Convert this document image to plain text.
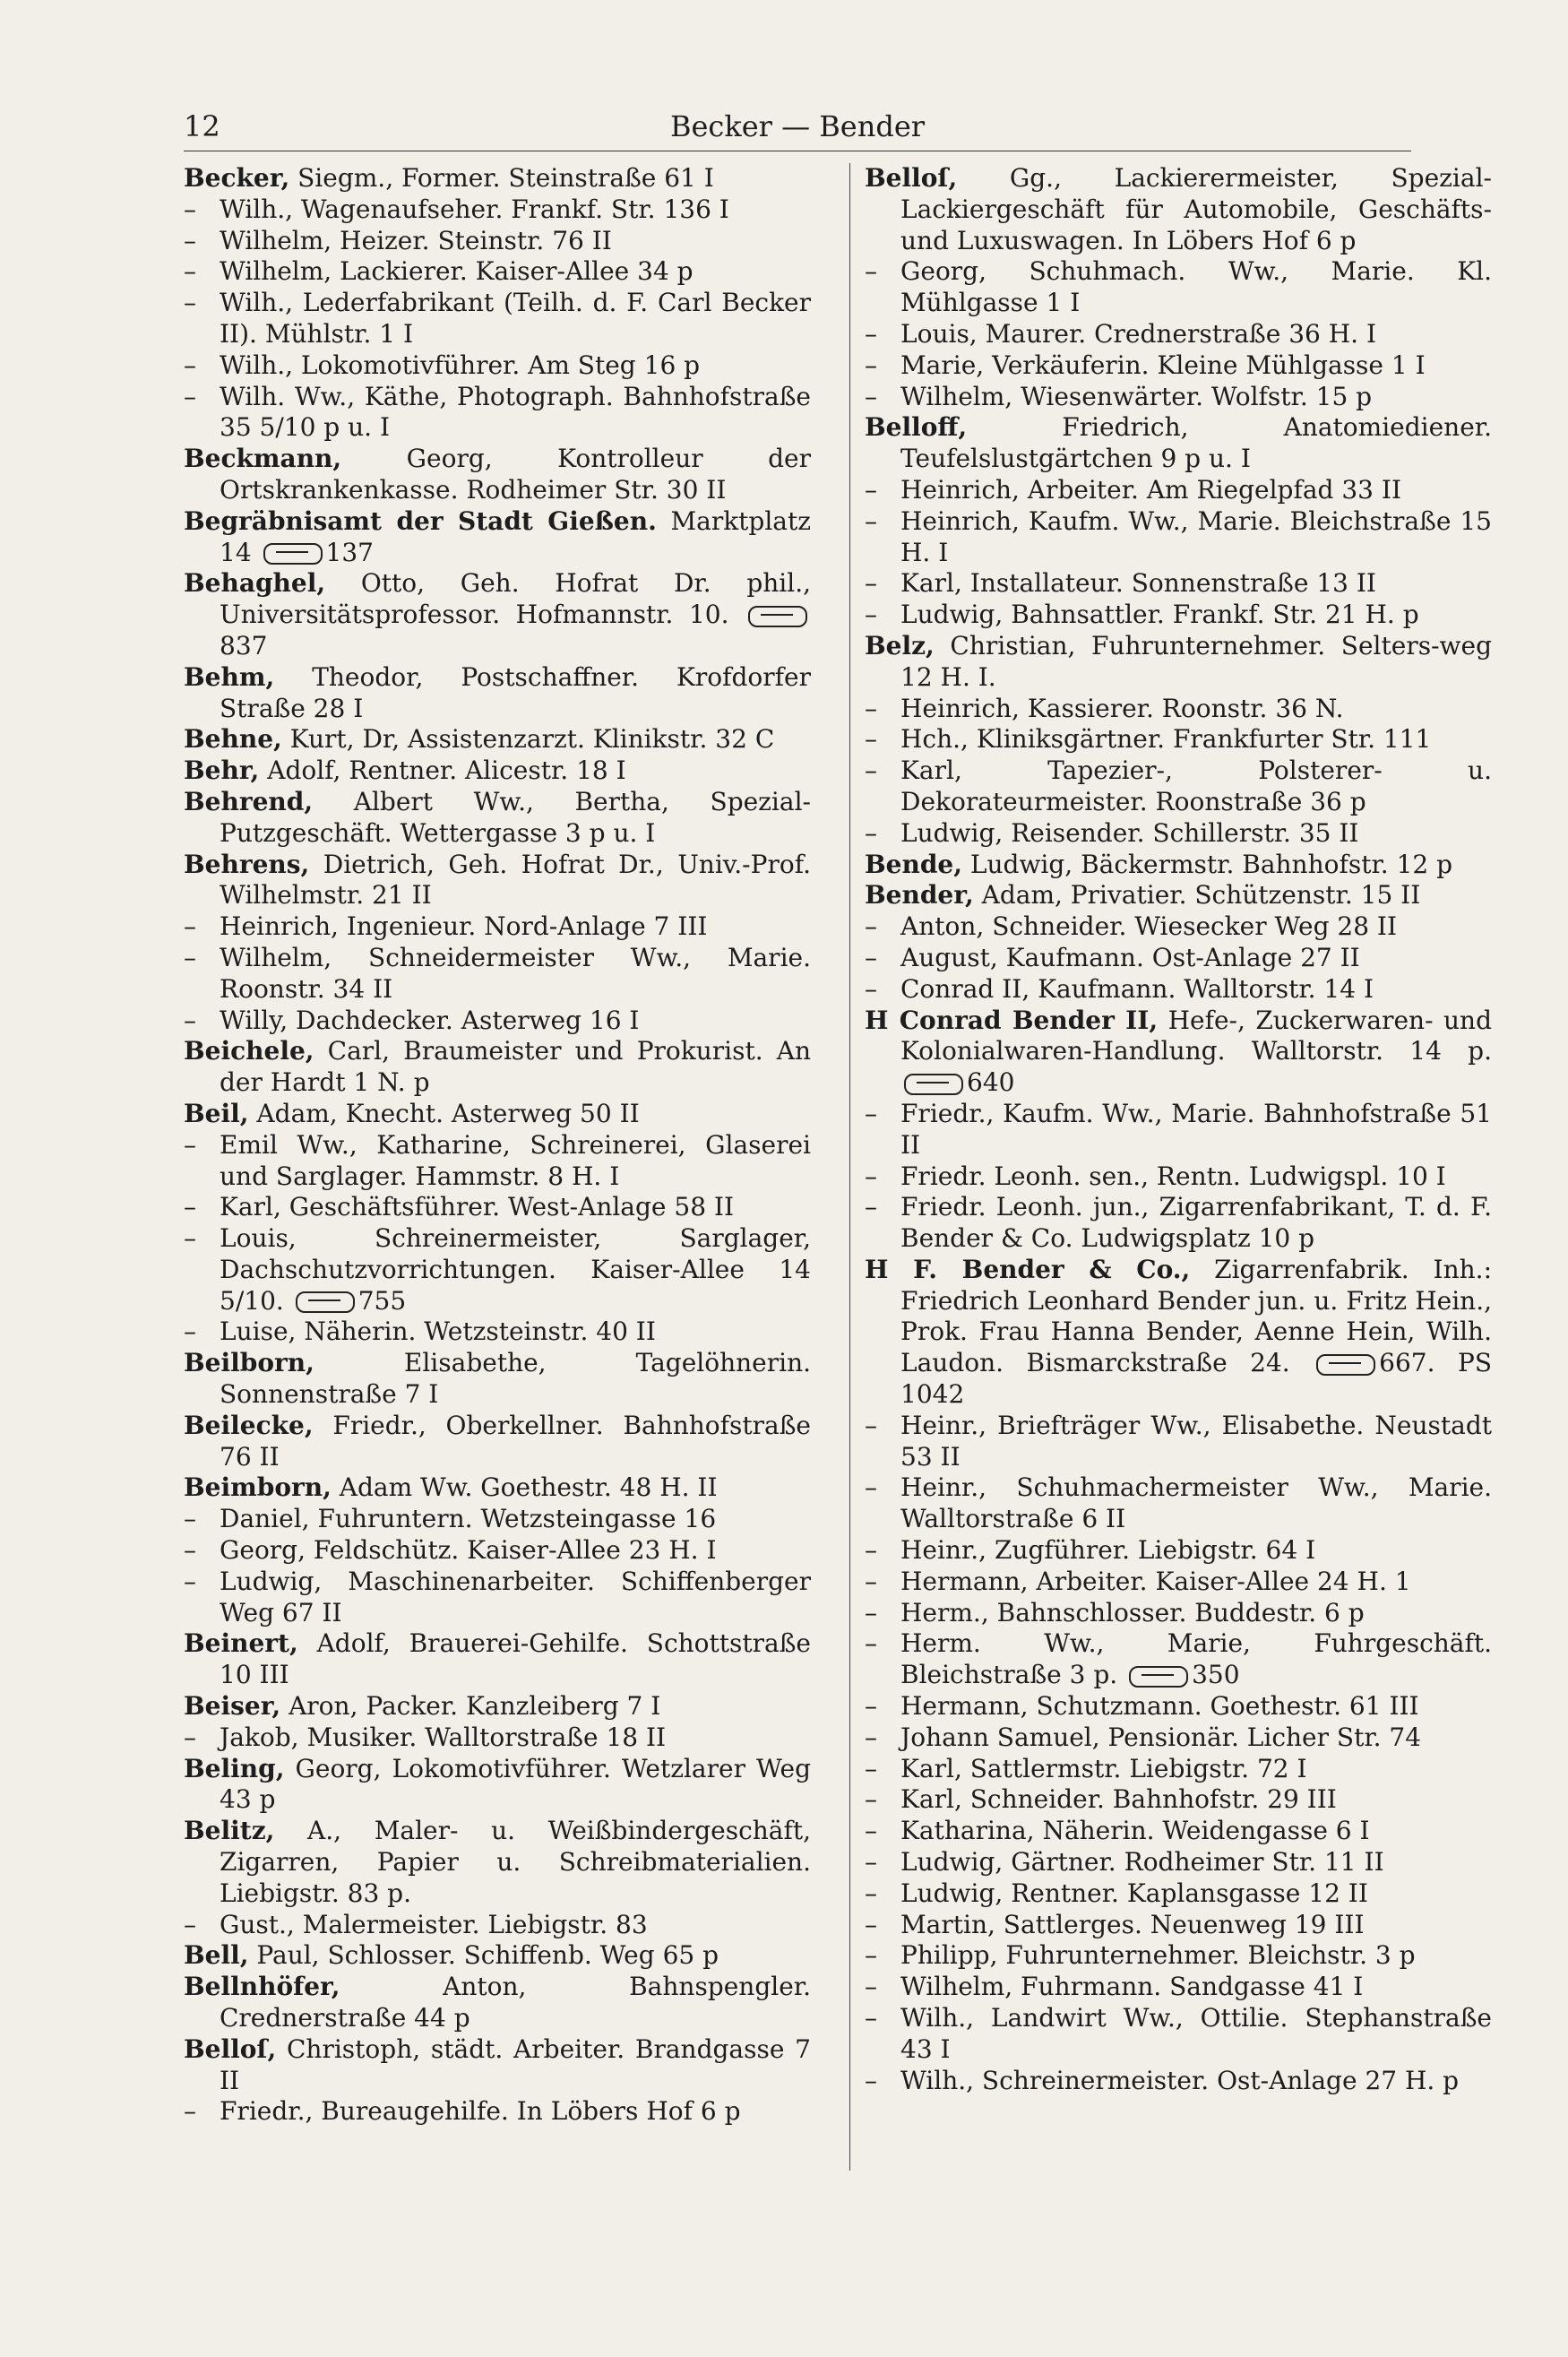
12	Becker — Bender

Becker, Siegm., Former. Steinstraße 61 I

– Wilh., Wagenaufseher. Frankf. Str. 136 I

– Wilhelm, Heizer. Steinstr. 76 II

– Wilhelm, Lackierer. Kaiser-Allee 34 p

– Wilh., Lederfabrikant (Teilh. d. F. Carl Becker II). Mühlstr. 1 I

– Wilh., Lokomotivführer. Am Steg 16 p

– Wilh. Ww., Käthe, Photograph. Bahnhofstraße 35 5/10 p u. I

Beckmann,	Georg, Kontrolleur der Ortskrankenkasse. Rodheimer Str. 30 II

Begräbnisamt der Stadt Gießen. Marktplatz 14	137

Behaghel, Otto, Geh. Hofrat Dr. phil., Universitätsprofessor. Hofmannstr. 10. 837

Behm, Theodor, Postschaffner. Krofdorfer Straße 28 I

Behne, Kurt, Dr, Assistenzarzt. Klinikstr. 32 C

Behr, Adolf, Rentner. Alicestr. 18 I

Behrend, Albert Ww., Bertha, Spezial-Putzgeschäft. Wettergasse 3 p u. I

Behrens, Dietrich, Geh. Hofrat Dr., Univ.-Prof. Wilhelmstr. 21 II

– Heinrich, Ingenieur. Nord-Anlage 7 III

– Wilhelm, Schneidermeister Ww., Marie. Roonstr. 34 II

– Willy, Dachdecker. Asterweg 16 I

Beichele, Carl, Braumeister und Prokurist. An der Hardt 1 N. p

Beil, Adam, Knecht. Asterweg 50 II

– Emil Ww., Katharine, Schreinerei, Glaserei und Sarglager. Hammstr. 8 H. I

– Karl, Geschäftsführer. West-Anlage 58 II

– Louis, Schreinermeister, Sarglager, Dachschutzvorrichtungen. Kaiser-Allee 14 5/10.	755

– Luise, Näherin. Wetzsteinstr. 40 II

Beilborn,	Elisabethe, Tagelöhnerin. Sonnenstraße 7 I

Beilecke, Friedr., Oberkellner. Bahnhofstraße 76 II

Beimborn, Adam Ww. Goethestr. 48 H. II

– Daniel, Fuhruntern. Wetzsteingasse 16

– Georg, Feldschütz. Kaiser-Allee 23 H. I

– Ludwig, Maschinenarbeiter. Schiffenberger Weg 67 II

Beinert, Adolf, Brauerei-Gehilfe. Schottstraße 10 III

Beiser, Aron, Packer. Kanzleiberg 7 I

– Jakob, Musiker. Walltorstraße 18 II

Beling, Georg, Lokomotivführer. Wetzlarer Weg 43 p

Belitz, A., Maler- u. Weißbindergeschäft, Zigarren, Papier u. Schreibmaterialien. Liebigstr. 83 p.

– Gust., Malermeister. Liebigstr. 83

Bell, Paul, Schlosser. Schiffenb. Weg 65 p

Bellnhöfer,	Anton, Bahnspengler. Crednerstraße 44 p

Belloſ, Christoph, städt. Arbeiter. Brandgasse 7 II

– Friedr., Bureaugehilfe. In Löbers Hof 6 p

Belloſ, Gg., Lackierermeister, Spezial-Lackiergeschäft für Automobile, Geschäfts- und Luxuswagen. In Löbers Hof 6 p

– Georg, Schuhmach. Ww., Marie. Kl. Mühlgasse 1 I

– Louis, Maurer. Crednerstraße 36 H. I

– Marie, Verkäuferin. Kleine Mühlgasse 1 I

– Wilhelm, Wiesenwärter. Wolfstr. 15 p

Belloff,	Friedrich, Anatomiediener. Teufelslustgärtchen 9 p u. I

– Heinrich, Arbeiter. Am Riegelpfad 33 II

– Heinrich, Kaufm. Ww., Marie. Bleichstraße 15 H. I

– Karl, Installateur. Sonnenstraße 13 II

– Ludwig, Bahnsattler. Frankf. Str. 21 H. p

Belz, Christian, Fuhrunternehmer. Selters-weg 12 H. I.

– Heinrich, Kassierer. Roonstr. 36 N.

– Hch., Kliniksgärtner. Frankfurter Str. 111

– Karl, Tapezier-, Polsterer- u. Dekorateurmeister. Roonstraße 36 p

– Ludwig, Reisender. Schillerstr. 35 II

Bende, Ludwig, Bäckermstr. Bahnhofstr. 12 p

Bender, Adam, Privatier. Schützenstr. 15 II

– Anton, Schneider. Wiesecker Weg 28 II

– August, Kaufmann. Ost-Anlage 27 II

– Conrad II, Kaufmann. Walltorstr. 14 I

H Conrad Bender II, Hefe-, Zuckerwaren- und Kolonialwaren-Handlung. Walltorstr. 14 p. 640

– Friedr., Kaufm. Ww., Marie. Bahnhofstraße 51 II

– Friedr. Leonh. sen., Rentn. Ludwigspl. 10 I

– Friedr. Leonh. jun., Zigarrenfabrikant, T. d. F. Bender & Co. Ludwigsplatz 10 p

H F. Bender & Co., Zigarrenfabrik. Inh.: Friedrich Leonhard Bender jun. u. Fritz Hein., Prok. Frau Hanna Bender, Aenne Hein, Wilh. Laudon. Bismarckstraße 24.	667. PS 1042

– Heinr., Briefträger Ww., Elisabethe. Neustadt 53 II

– Heinr., Schuhmachermeister Ww., Marie. Walltorstraße 6 II

– Heinr., Zugführer. Liebigstr. 64 I

– Hermann, Arbeiter. Kaiser-Allee 24 H. 1

– Herm., Bahnschlosser. Buddestr. 6 p

– Herm. Ww., Marie, Fuhrgeschäft. Bleichstraße 3 p.	350

– Hermann, Schutzmann. Goethestr. 61 III

– Johann Samuel, Pensionär. Licher Str. 74

– Karl, Sattlermstr. Liebigstr. 72 I

– Karl, Schneider. Bahnhofstr. 29 III

– Katharina, Näherin. Weidengasse 6 I

– Ludwig, Gärtner. Rodheimer Str. 11 II

– Ludwig, Rentner. Kaplansgasse 12 II

– Martin, Sattlerges. Neuenweg 19 III

– Philipp, Fuhrunternehmer. Bleichstr. 3 p

– Wilhelm, Fuhrmann. Sandgasse 41 I

– Wilh., Landwirt Ww., Ottilie. Stephanstraße 43 I

– Wilh., Schreinermeister. Ost-Anlage 27 H. p
